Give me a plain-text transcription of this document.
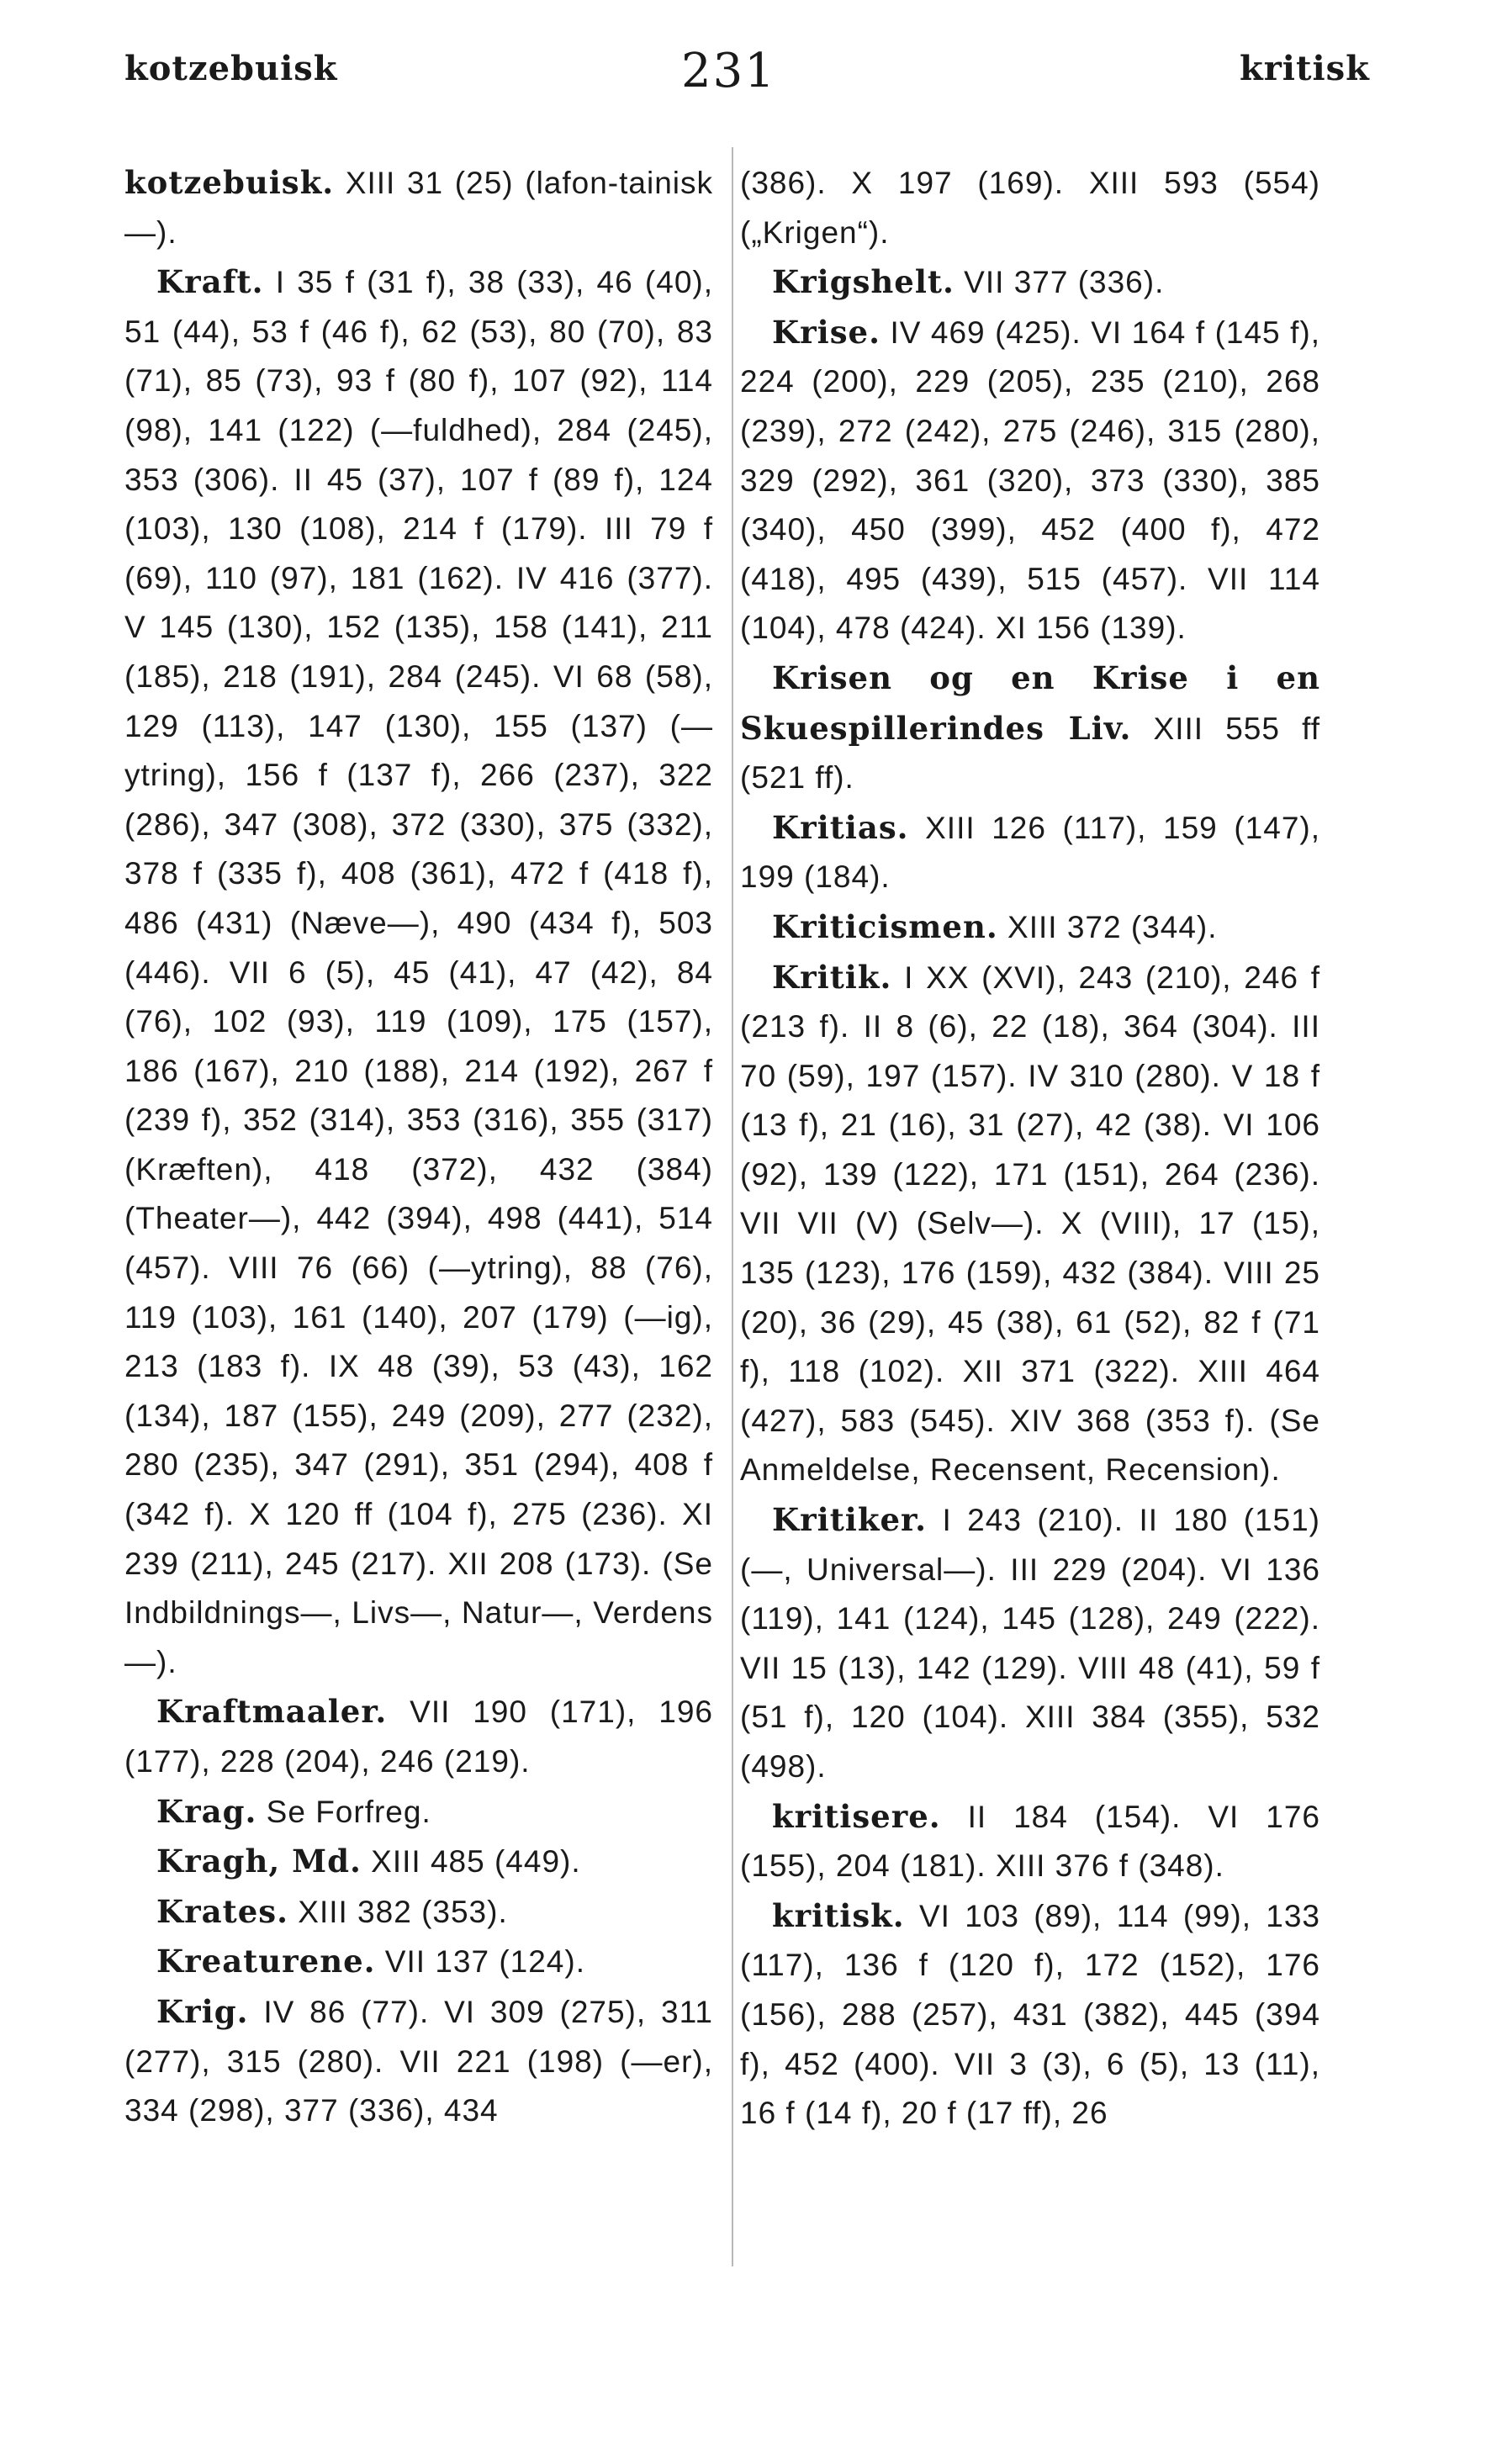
kotzebuisk	231	kritisk

kotzebuisk. XIII 31 (25) (lafon-tainisk—).

Kraft. I 35 f (31 f), 38 (33), 46 (40), 51 (44), 53 f (46 f), 62 (53), 80 (70), 83 (71), 85 (73), 93 f (80 f), 107 (92), 114 (98), 141 (122) (—fuldhed), 284 (245), 353 (306). II 45 (37), 107 f (89 f), 124 (103), 130 (108), 214 f (179). III 79 f (69), 110 (97), 181 (162). IV 416 (377). V 145 (130), 152 (135), 158 (141), 211 (185), 218 (191), 284 (245). VI 68 (58), 129 (113), 147 (130), 155 (137) (—ytring), 156 f (137 f), 266 (237), 322 (286), 347 (308), 372 (330), 375 (332), 378 f (335 f), 408 (361), 472 f (418 f), 486 (431) (Næve—), 490 (434 f), 503 (446). VII 6 (5), 45 (41), 47 (42), 84 (76), 102 (93), 119 (109), 175 (157), 186 (167), 210 (188), 214 (192), 267 f (239 f), 352 (314), 353 (316), 355 (317) (Kræften), 418 (372), 432 (384) (Theater—), 442 (394), 498 (441), 514 (457). VIII 76 (66) (—ytring), 88 (76), 119 (103), 161 (140), 207 (179) (—ig), 213 (183 f). IX 48 (39), 53 (43), 162 (134), 187 (155), 249 (209), 277 (232), 280 (235), 347 (291), 351 (294), 408 f (342 f). X 120 ff (104 f), 275 (236). XI 239 (211), 245 (217). XII 208 (173). (Se Indbildnings—, Livs—, Natur—, Verdens—).

Kraftmaaler. VII 190 (171), 196 (177), 228 (204), 246 (219).

Krag. Se Forfreg.

Kragh, Md. XIII 485 (449).

Krates. XIII 382 (353).

Kreaturene. VII 137 (124).

Krig. IV 86 (77). VI 309 (275), 311 (277), 315 (280). VII 221 (198) (—er), 334 (298), 377 (336), 434

(386). X 197 (169). XIII 593 (554) („Krigen“).

Krigshelt. VII 377 (336).

Krise. IV 469 (425). VI 164 f (145 f), 224 (200), 229 (205), 235 (210), 268 (239), 272 (242), 275 (246), 315 (280), 329 (292), 361 (320), 373 (330), 385 (340), 450 (399), 452 (400 f), 472 (418), 495 (439), 515 (457). VII 114 (104), 478 (424). XI 156 (139).

Krisen og en Krise i en Skuespillerindes Liv. XIII 555 ff (521 ff).

Kritias. XIII 126 (117), 159 (147), 199 (184).

Kriticismen. XIII 372 (344).

Kritik. I XX (XVI), 243 (210), 246 f (213 f). II 8 (6), 22 (18), 364 (304). III 70 (59), 197 (157). IV 310 (280). V 18 f (13 f), 21 (16), 31 (27), 42 (38). VI 106 (92), 139 (122), 171 (151), 264 (236). VII VII (V) (Selv—). X (VIII), 17 (15), 135 (123), 176 (159), 432 (384). VIII 25 (20), 36 (29), 45 (38), 61 (52), 82 f (71 f), 118 (102). XII 371 (322). XIII 464 (427), 583 (545). XIV 368 (353 f). (Se Anmeldelse, Recensent, Recension).

Kritiker. I 243 (210). II 180 (151) (—, Universal—). III 229 (204). VI 136 (119), 141 (124), 145 (128), 249 (222). VII 15 (13), 142 (129). VIII 48 (41), 59 f (51 f), 120 (104). XIII 384 (355), 532 (498).

kritisere. II 184 (154). VI 176 (155), 204 (181). XIII 376 f (348).

kritisk. VI 103 (89), 114 (99), 133 (117), 136 f (120 f), 172 (152), 176 (156), 288 (257), 431 (382), 445 (394 f), 452 (400). VII 3 (3), 6 (5), 13 (11), 16 f (14 f), 20 f (17 ff), 26
